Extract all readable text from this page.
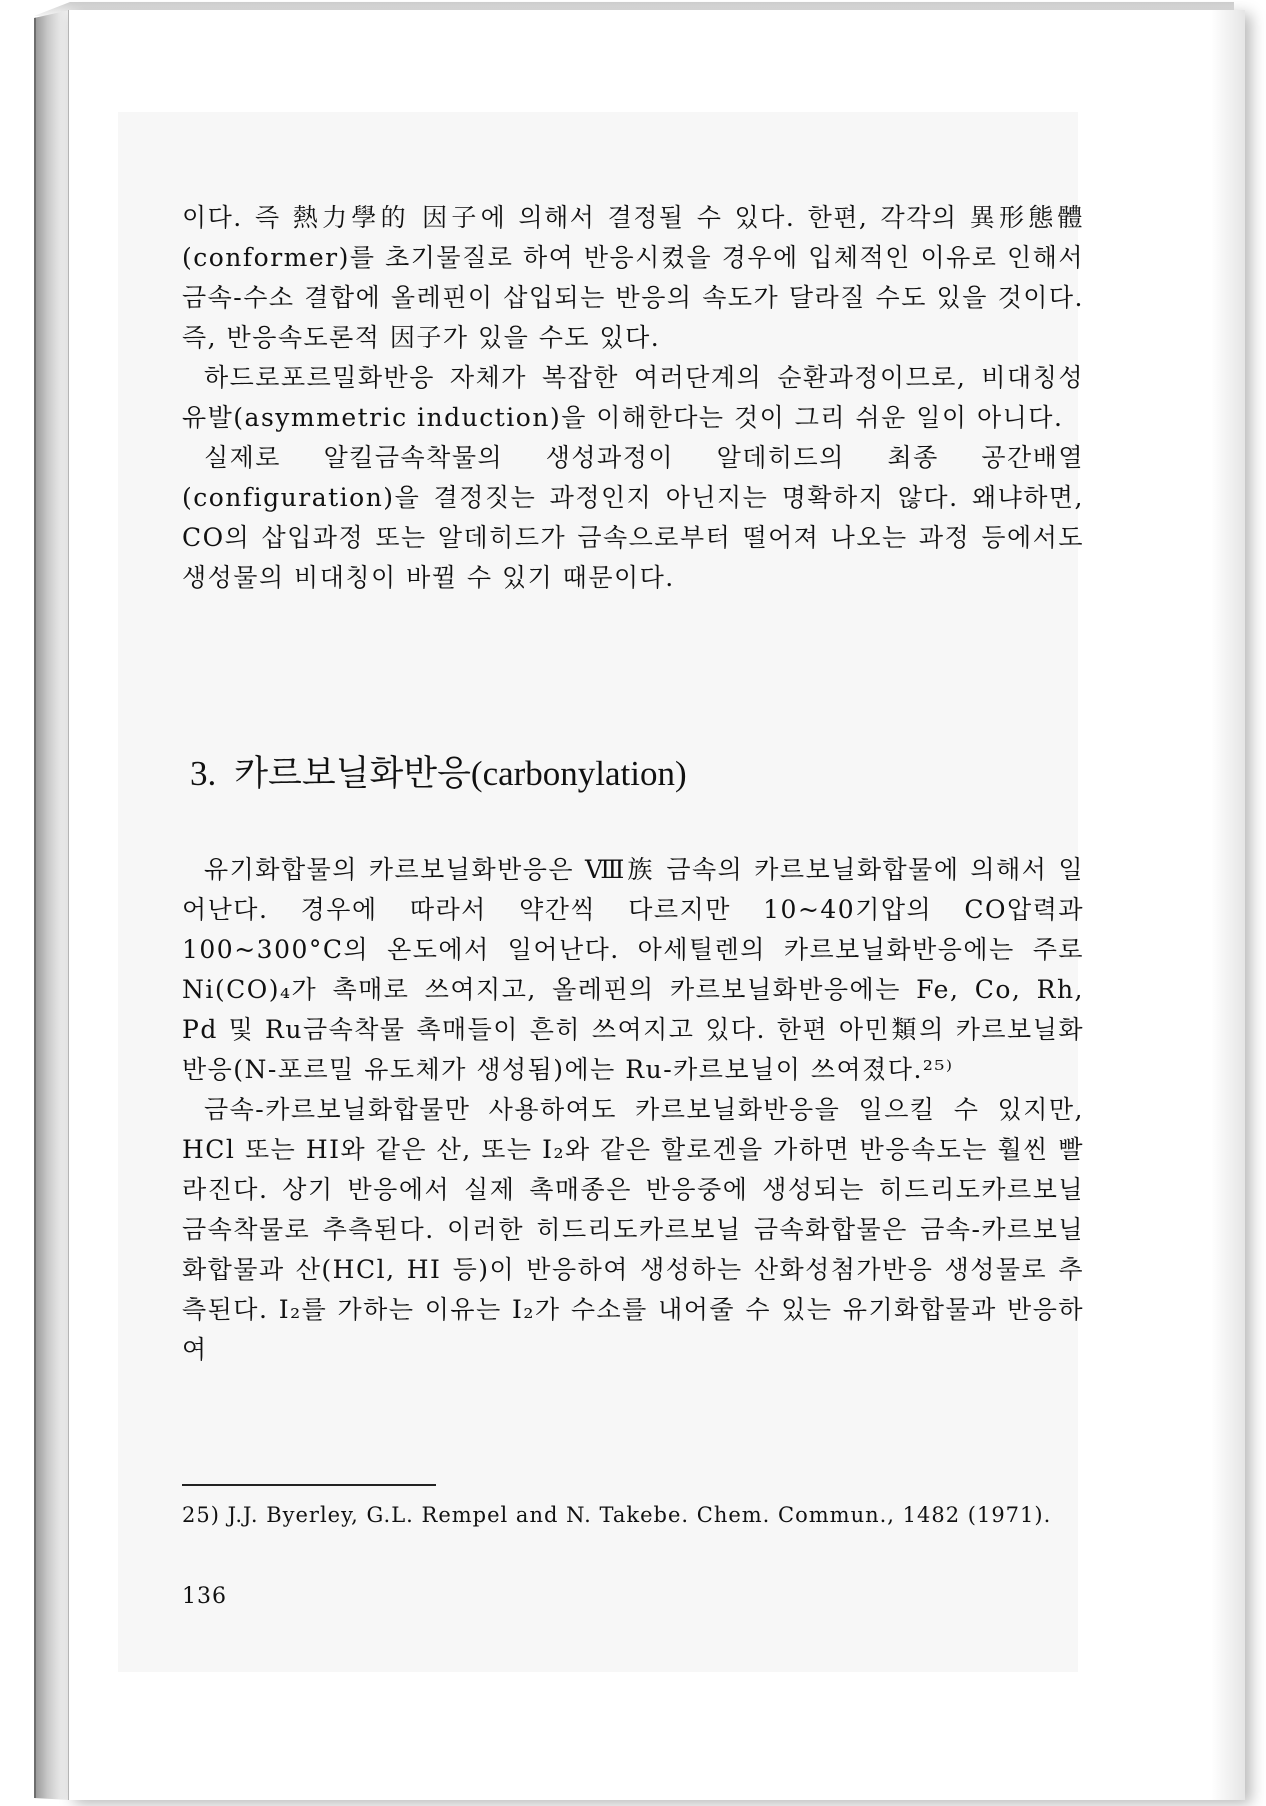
이다. 즉 熱力學的 因子에 의해서 결정될 수 있다. 한편, 각각의 異形態體(conformer)를 초기물질로 하여 반응시켰을 경우에 입체적인 이유로 인해서 금속-수소 결합에 올레핀이 삽입되는 반응의 속도가 달라질 수도 있을 것이다. 즉, 반응속도론적 因子가 있을 수도 있다.

하드로포르밀화반응 자체가 복잡한 여러단계의 순환과정이므로, 비대칭성 유발(asymmetric induction)을 이해한다는 것이 그리 쉬운 일이 아니다.

실제로 알킬금속착물의 생성과정이 알데히드의 최종 공간배열(configuration)을 결정짓는 과정인지 아닌지는 명확하지 않다. 왜냐하면, CO의 삽입과정 또는 알데히드가 금속으로부터 떨어져 나오는 과정 등에서도 생성물의 비대칭이 바뀔 수 있기 때문이다.

3. 카르보닐화반응(carbonylation)

유기화합물의 카르보닐화반응은 Ⅷ族 금속의 카르보닐화합물에 의해서 일어난다. 경우에 따라서 약간씩 다르지만 10~40기압의 CO압력과 100~300°C의 온도에서 일어난다. 아세틸렌의 카르보닐화반응에는 주로 Ni(CO)₄가 촉매로 쓰여지고, 올레핀의 카르보닐화반응에는 Fe, Co, Rh, Pd 및 Ru금속착물 촉매들이 흔히 쓰여지고 있다. 한편 아민類의 카르보닐화반응(N-포르밀 유도체가 생성됨)에는 Ru-카르보닐이 쓰여졌다.²⁵⁾

금속-카르보닐화합물만 사용하여도 카르보닐화반응을 일으킬 수 있지만, HCl 또는 HI와 같은 산, 또는 I₂와 같은 할로겐을 가하면 반응속도는 훨씬 빨라진다. 상기 반응에서 실제 촉매종은 반응중에 생성되는 히드리도카르보닐 금속착물로 추측된다. 이러한 히드리도카르보닐 금속화합물은 금속-카르보닐화합물과 산(HCl, HI 등)이 반응하여 생성하는 산화성첨가반응 생성물로 추측된다. I₂를 가하는 이유는 I₂가 수소를 내어줄 수 있는 유기화합물과 반응하여

25) J.J. Byerley, G.L. Rempel and N. Takebe. Chem. Commun., 1482 (1971).

136
